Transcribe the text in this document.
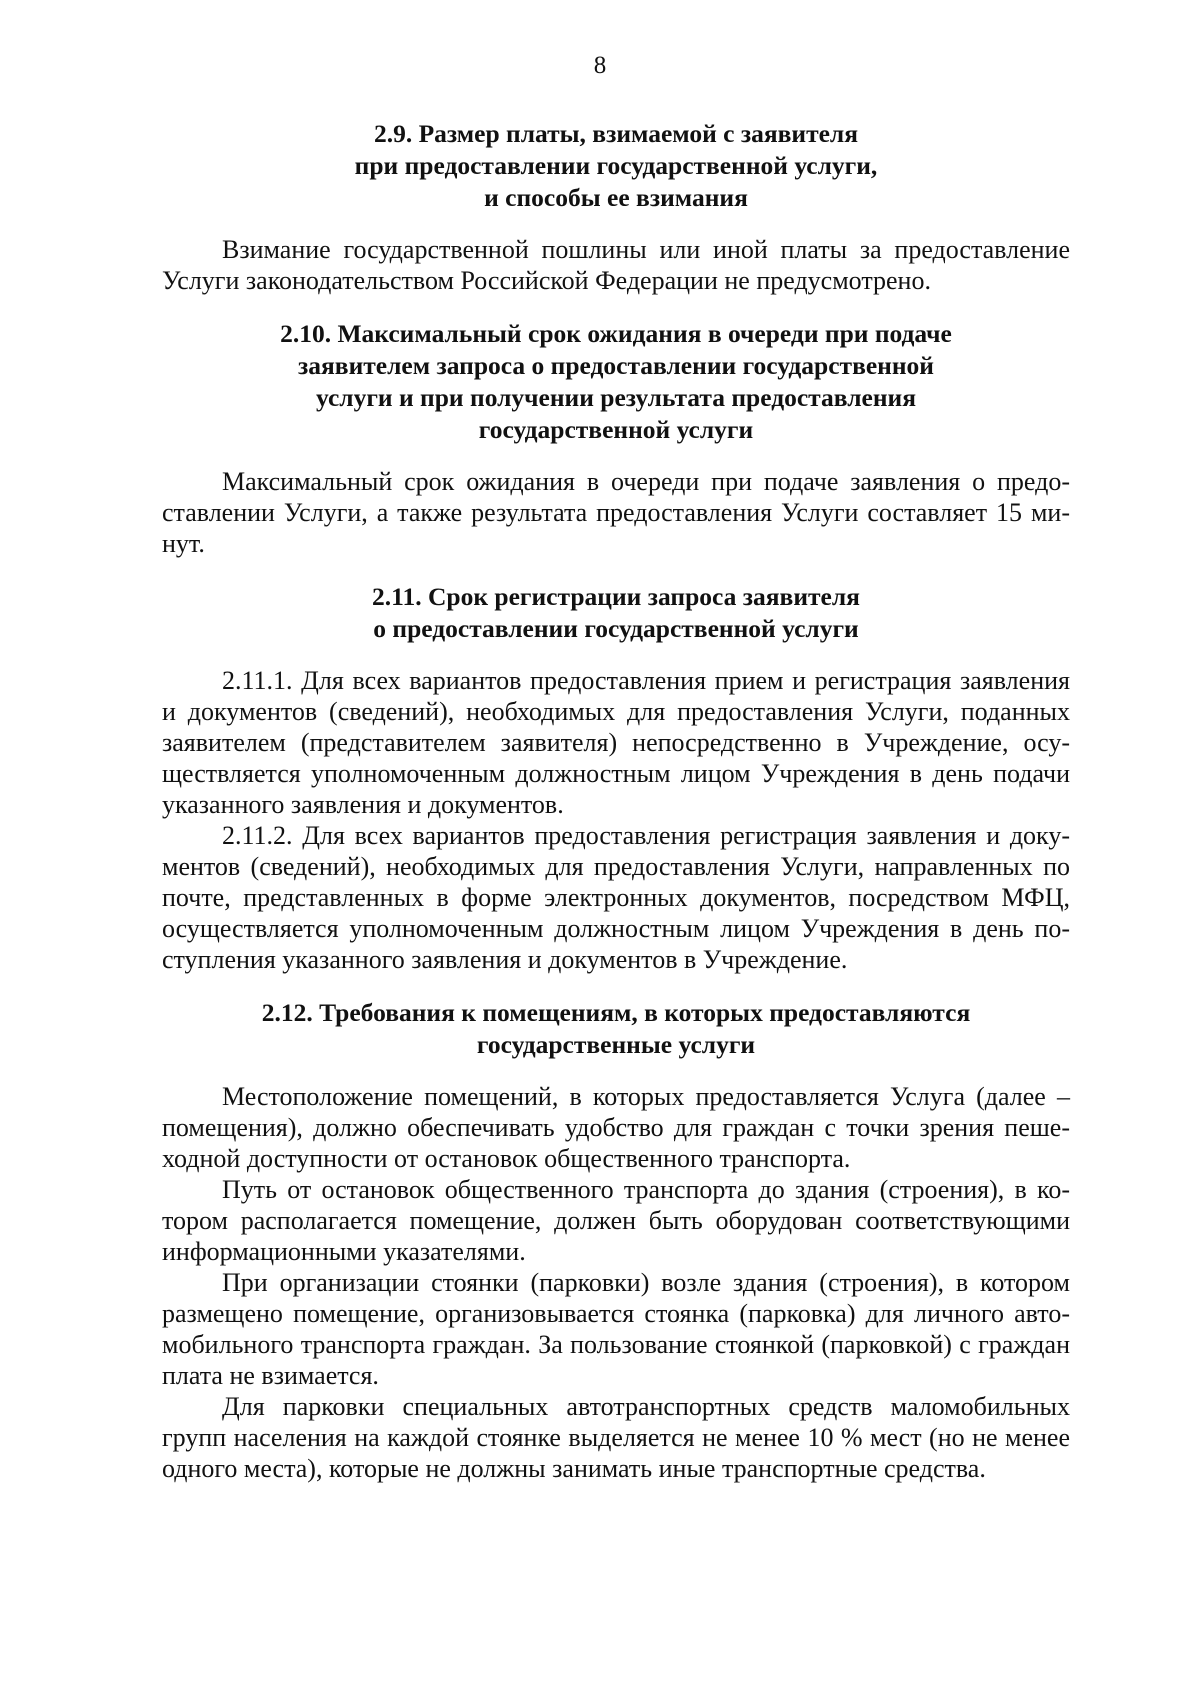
8
2.9. Размер платы, взимаемой с заявителя
при предоставлении государственной услуги,
и способы ее взимания

Взимание государственной пошлины или иной платы за предоставление Услуги законодательством Российской Федерации не предусмотрено.

2.10. Максимальный срок ожидания в очереди при подаче
заявителем запроса о предоставлении государственной
услуги и при получении результата предоставления
государственной услуги

Максимальный срок ожидания в очереди при подаче заявления о предоставлении Услуги, а также результата предоставления Услуги составляет 15 минут.

2.11. Срок регистрации запроса заявителя
о предоставлении государственной услуги

2.11.1. Для всех вариантов предоставления прием и регистрация заявления и документов (сведений), необходимых для предоставления Услуги, поданных заявителем (представителем заявителя) непосредственно в Учреждение, осуществляется уполномоченным должностным лицом Учреждения в день подачи указанного заявления и документов.

2.11.2. Для всех вариантов предоставления регистрация заявления и документов (сведений), необходимых для предоставления Услуги, направленных по почте, представленных в форме электронных документов, посредством МФЦ, осуществляется уполномоченным должностным лицом Учреждения в день поступления указанного заявления и документов в Учреждение.

2.12. Требования к помещениям, в которых предоставляются
государственные услуги

Местоположение помещений, в которых предоставляется Услуга (далее – помещения), должно обеспечивать удобство для граждан с точки зрения пешеходной доступности от остановок общественного транспорта.

Путь от остановок общественного транспорта до здания (строения), в котором располагается помещение, должен быть оборудован соответствующими информационными указателями.

При организации стоянки (парковки) возле здания (строения), в котором размещено помещение, организовывается стоянка (парковка) для личного автомобильного транспорта граждан. За пользование стоянкой (парковкой) с граждан плата не взимается.

Для парковки специальных автотранспортных средств маломобильных групп населения на каждой стоянке выделяется не менее 10 % мест (но не менее одного места), которые не должны занимать иные транспортные средства.
